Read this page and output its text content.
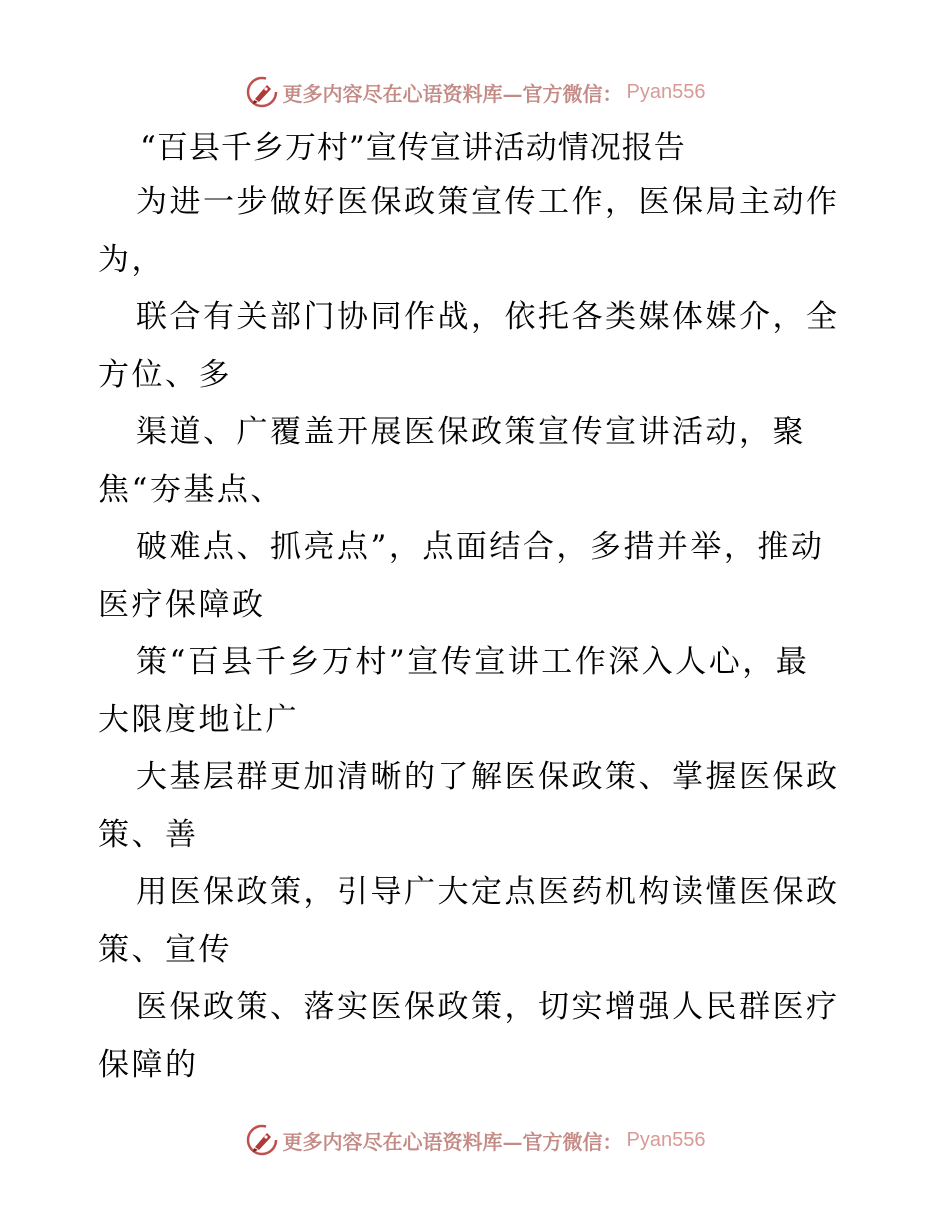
更多内容尽在心语资料库—官方微信： Pyan556

“百县千乡万村”宣传宣讲活动情况报告

为进一步做好医保政策宣传工作，医保局主动作

为，

联合有关部门协同作战，依托各类媒体媒介，全

方位、多

渠道、广覆盖开展医保政策宣传宣讲活动，聚

焦“夯基点、

破难点、抓亮点”，点面结合，多措并举，推动

医疗保障政

策“百县千乡万村”宣传宣讲工作深入人心，最

大限度地让广

大基层群更加清晰的了解医保政策、掌握医保政

策、善

用医保政策，引导广大定点医药机构读懂医保政

策、宣传

医保政策、落实医保政策，切实增强人民群医疗

保障的

更多内容尽在心语资料库—官方微信： Pyan556
